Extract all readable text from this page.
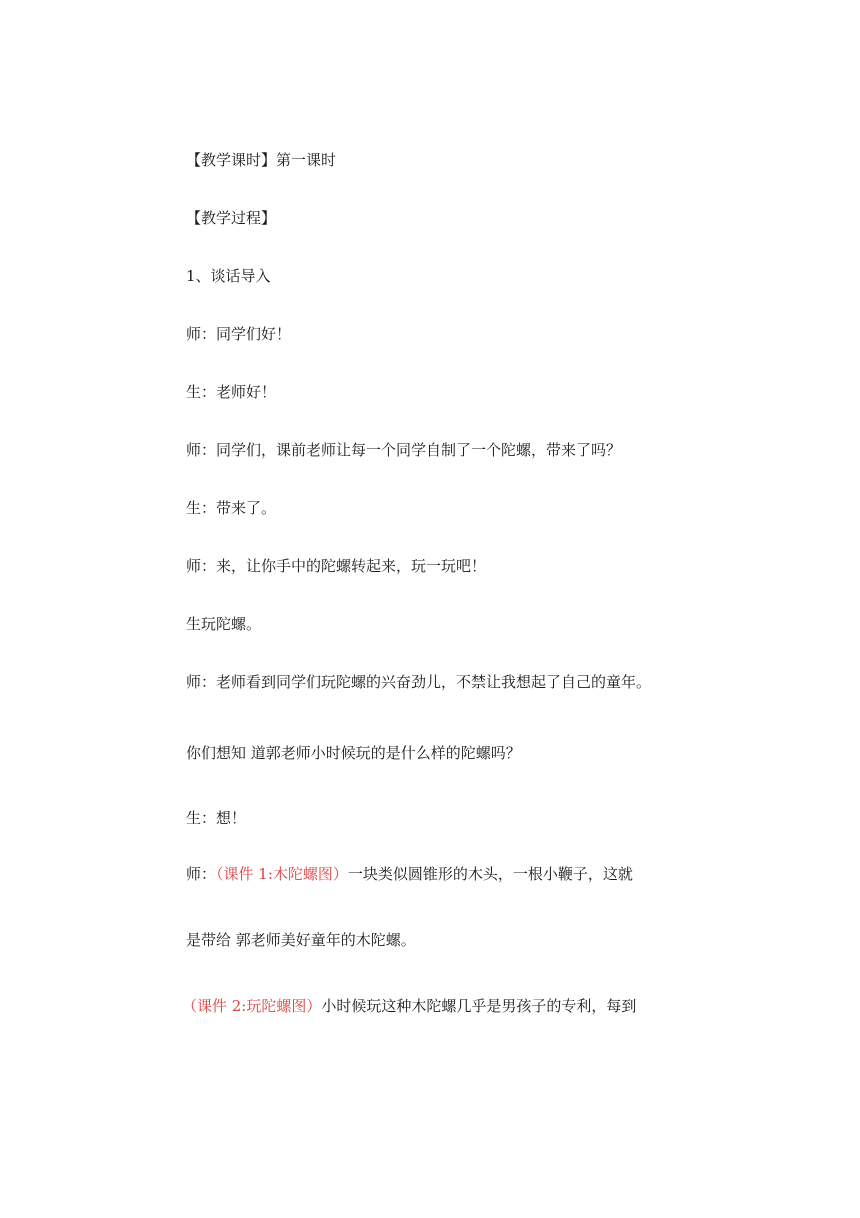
【教学课时】第一课时
【教学过程】
1、谈话导入
师：同学们好！
生：老师好！
师：同学们，课前老师让每一个同学自制了一个陀螺，带来了吗？
生：带来了。
师：来，让你手中的陀螺转起来，玩一玩吧！
生玩陀螺。
师：老师看到同学们玩陀螺的兴奋劲儿，不禁让我想起了自己的童年。
你们想知 道郭老师小时候玩的是什么样的陀螺吗？
生：想！
师：（课件 1:木陀螺图）一块类似圆锥形的木头，一根小鞭子，这就
是带给 郭老师美好童年的木陀螺。
（课件 2:玩陀螺图）小时候玩这种木陀螺几乎是男孩子的专利，每到
